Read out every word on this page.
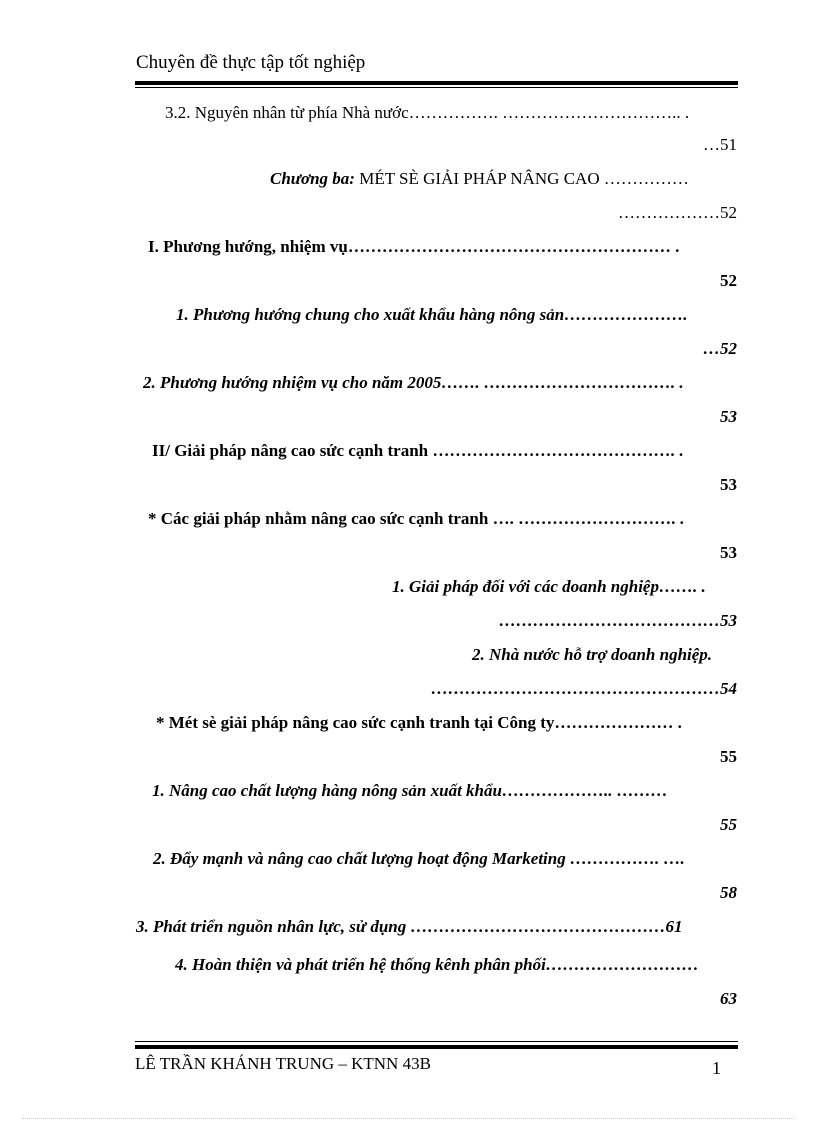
Chuyên đề thực tập tốt nghiệp
3.2. Nguyên nhân từ phía Nhà nước……………. ………………………….. .
…51
Chương ba: MÉT SÈ GIẢI PHÁP NÂNG CAO ……………
………………52
I. Phương hướng, nhiệm vụ………………………………………………… .
52
1. Phương hướng chung cho xuất khẩu hàng nông sản………………….
…52
2. Phương hướng nhiệm vụ cho năm 2005……. ……………………………. .
53
II/ Giải pháp nâng cao sức cạnh tranh ……………………………………. .
53
* Các giải pháp nhằm nâng cao sức cạnh tranh …. ………………………. .
53
1. Giải pháp đối với các doanh nghiệp……. .
…………………………………53
2. Nhà nước hỗ trợ doanh nghiệp.
……………………………………………54
* Mét sè giải pháp nâng cao sức cạnh tranh tại Công ty………………… .
55
1. Nâng cao chất lượng hàng nông sản xuất khẩu……………….. ………
55
2. Đẩy mạnh và nâng cao chất lượng hoạt động Marketing ……………. ….
58
3. Phát triển nguồn nhân lực, sử dụng ………………………………………61
4. Hoàn thiện và phát triển hệ thống kênh phân phối………………………
63
LÊ TRẦN KHÁNH TRUNG – KTNN 43B	1
